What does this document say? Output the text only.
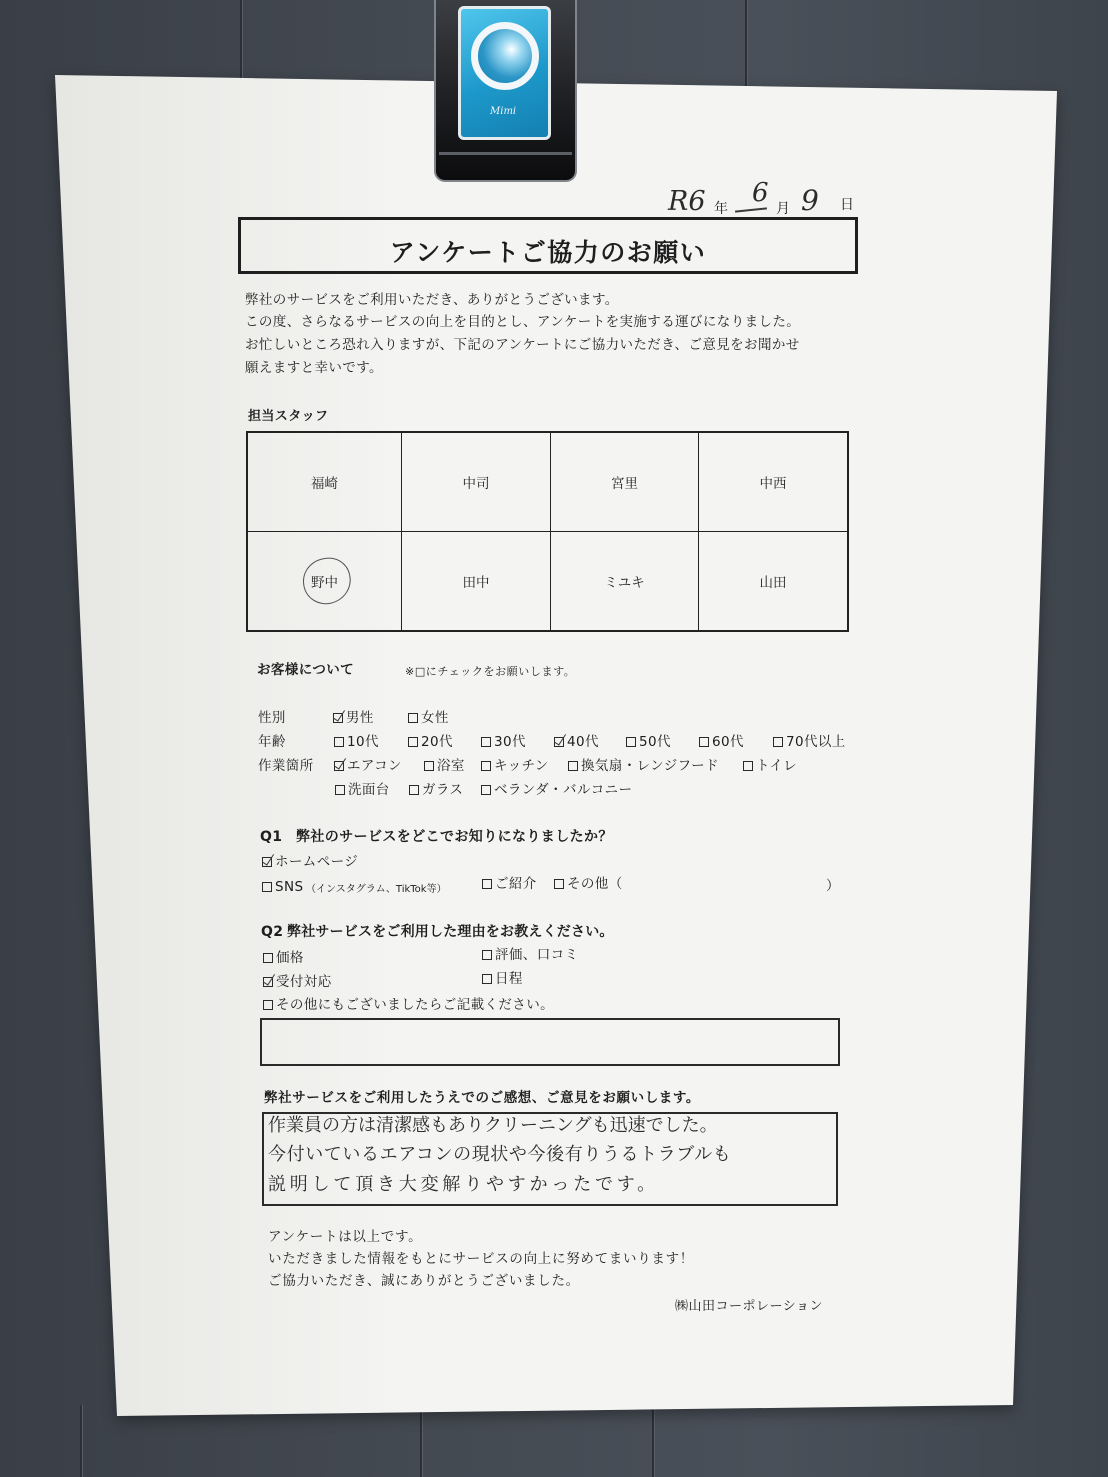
R6 年
6
月 9 日
アンケートご協力のお願い
弊社のサービスをご利用いただき、ありがとうございます。
この度、さらなるサービスの向上を目的とし、アンケートを実施する運びになりました。
お忙しいところ恐れ入りますが、下記のアンケートにご協力いただき、ご意見をお聞かせ
願えますと幸いです。
担当スタッフ
福崎	中司	宮里	中西
野中	田中	ミユキ	山田
お客様について	※□にチェックをお願いします。
性別	男性	女性
年齢	10代	20代	30代	40代	50代	60代	70代以上
作業箇所	エアコン	浴室	キッチン	換気扇・レンジフード	トイレ
洗面台	ガラス	ベランダ・バルコニー
Q1 弊社のサービスをどこでお知りになりましたか？
ホームページ
SNS （インスタグラム、TikTok等）	ご紹介	その他（	）
Q2 弊社サービスをご利用した理由をお教えください。
価格	評価、口コミ
受付対応	日程
その他にもございましたらご記載ください。
弊社サービスをご利用したうえでのご感想、ご意見をお願いします。
作業員の方は清潔感もありクリーニングも迅速でした。
今付いているエアコンの現状や今後有りうるトラブルも
説明して頂き大変解りやすかったです。
アンケートは以上です。
いただきました情報をもとにサービスの向上に努めてまいります！
ご協力いただき、誠にありがとうございました。
㈱山田コーポレーション
Mimi
